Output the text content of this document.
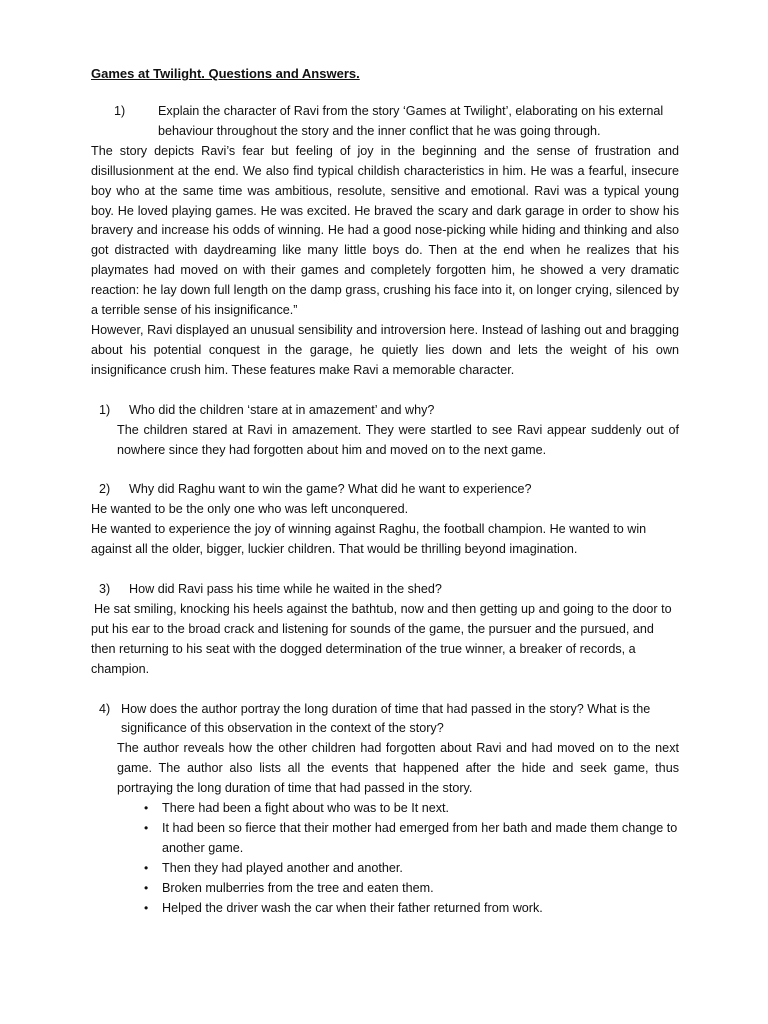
Games at Twilight. Questions and Answers.

1)	Explain the character of Ravi from the story ‘Games at Twilight’, elaborating on his external behaviour throughout the story and the inner conflict that he was going through.

The story depicts Ravi’s fear but feeling of joy in the beginning and the sense of frustration and disillusionment at the end. We also find typical childish characteristics in him. He was a fearful, insecure boy who at the same time was ambitious, resolute, sensitive and emotional. Ravi was a typical young boy. He loved playing games. He was excited. He braved the scary and dark garage in order to show his bravery and increase his odds of winning. He had a good nose-picking while hiding and thinking and also got distracted with daydreaming like many little boys do. Then at the end when he realizes that his playmates had moved on with their games and completely forgotten him, he showed a very dramatic reaction: he lay down full length on the damp grass, crushing his face into it, on longer crying, silenced by a terrible sense of his insignificance.”

However, Ravi displayed an unusual sensibility and introversion here. Instead of lashing out and bragging about his potential conquest in the garage, he quietly lies down and lets the weight of his own insignificance crush him. These features make Ravi a memorable character.

1) Who did the children ‘stare at in amazement’ and why?

The children stared at Ravi in amazement. They were startled to see Ravi appear suddenly out of nowhere since they had forgotten about him and moved on to the next game.

2) Why did Raghu want to win the game? What did he want to experience?

He wanted to be the only one who was left unconquered.

He wanted to experience the joy of winning against Raghu, the football champion. He wanted to win against all the older, bigger, luckier children. That would be thrilling beyond imagination.

3) How did Ravi pass his time while he waited in the shed?

He sat smiling, knocking his heels against the bathtub, now and then getting up and going to the door to put his ear to the broad crack and listening for sounds of the game, the pursuer and the pursued, and then returning to his seat with the dogged determination of the true winner, a breaker of records, a champion.

4) How does the author portray the long duration of time that had passed in the story? What is the significance of this observation in the context of the story?

The author reveals how the other children had forgotten about Ravi and had moved on to the next game. The author also lists all the events that happened after the hide and seek game, thus portraying the long duration of time that had passed in the story.

• There had been a fight about who was to be It next.
• It had been so fierce that their mother had emerged from her bath and made them change to another game.
• Then they had played another and another.
• Broken mulberries from the tree and eaten them.
• Helped the driver wash the car when their father returned from work.
